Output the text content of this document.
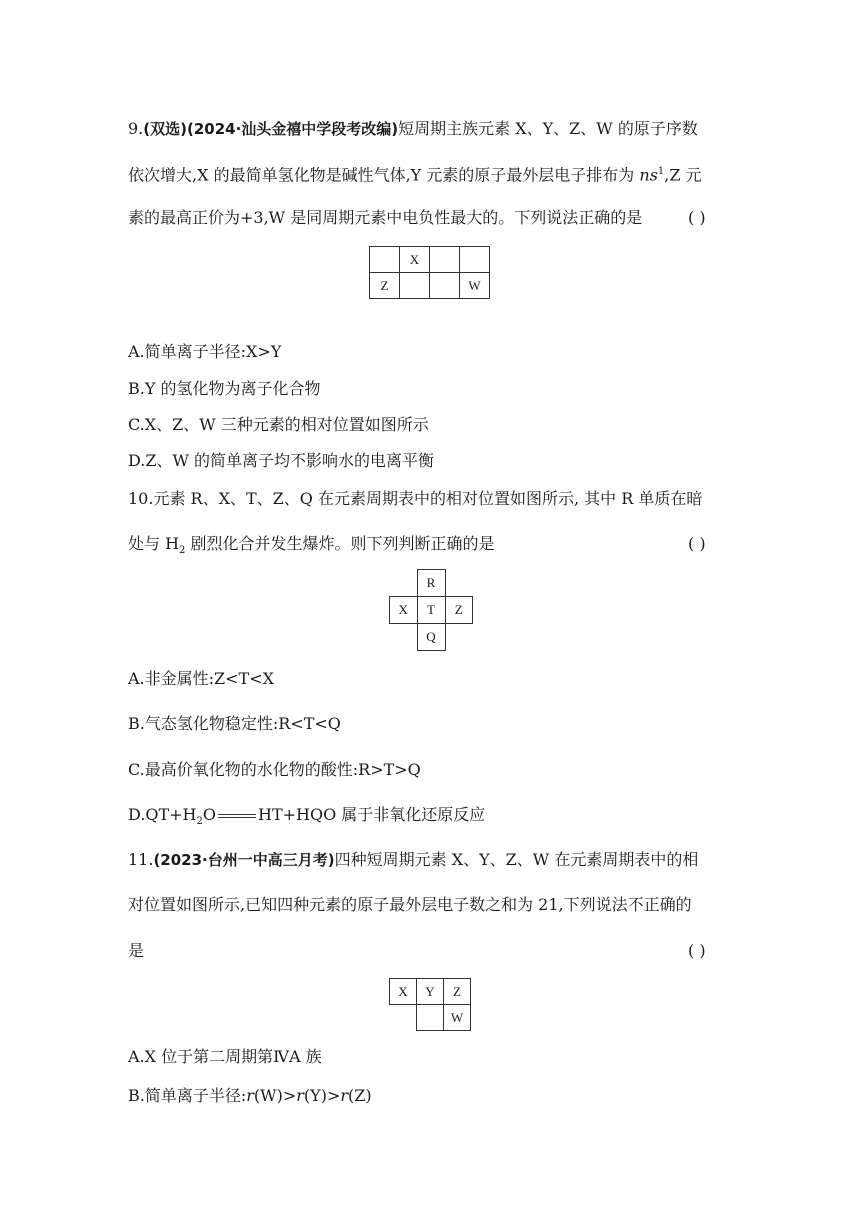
9.(双选)(2024·汕头金禧中学段考改编)短周期主族元素 X、Y、Z、W 的原子序数
依次增大,X 的最简单氢化物是碱性气体,Y 元素的原子最外层电子排布为 $ns^1,Z$ 元
素的最高正价为+3,W 是同周期元素中电负性最大的。下列说法正确的是	( )
	X		
Z			W
A.简单离子半径:X>Y
B.Y 的氢化物为离子化合物
C.X、Z、W 三种元素的相对位置如图所示
D.Z、W 的简单离子均不影响水的电离平衡
10.元素 R、X、T、Z、Q 在元素周期表中的相对位置如图所示, 其中 R 单质在暗
处与 $H_2$ 剧烈化合并发生爆炸。则下列判断正确的是	( )
	R	
X	T	Z
	Q	
A.非金属性:Z<T<X
B.气态氢化物稳定性:R<T<Q
C.最高价氧化物的水化物的酸性:R>T>Q
$D.QT+H_2O$	HT+HQO 属于非氧化还原反应
11.(2023·台州一中高三月考)四种短周期元素 X、Y、Z、W 在元素周期表中的相
对位置如图所示,已知四种元素的原子最外层电子数之和为 21,下列说法不正确的
是	( )
X	Y	Z
		W
A.X 位于第二周期第ⅣA 族
B.简单离子半径:r(W)>r(Y)>r(Z)
